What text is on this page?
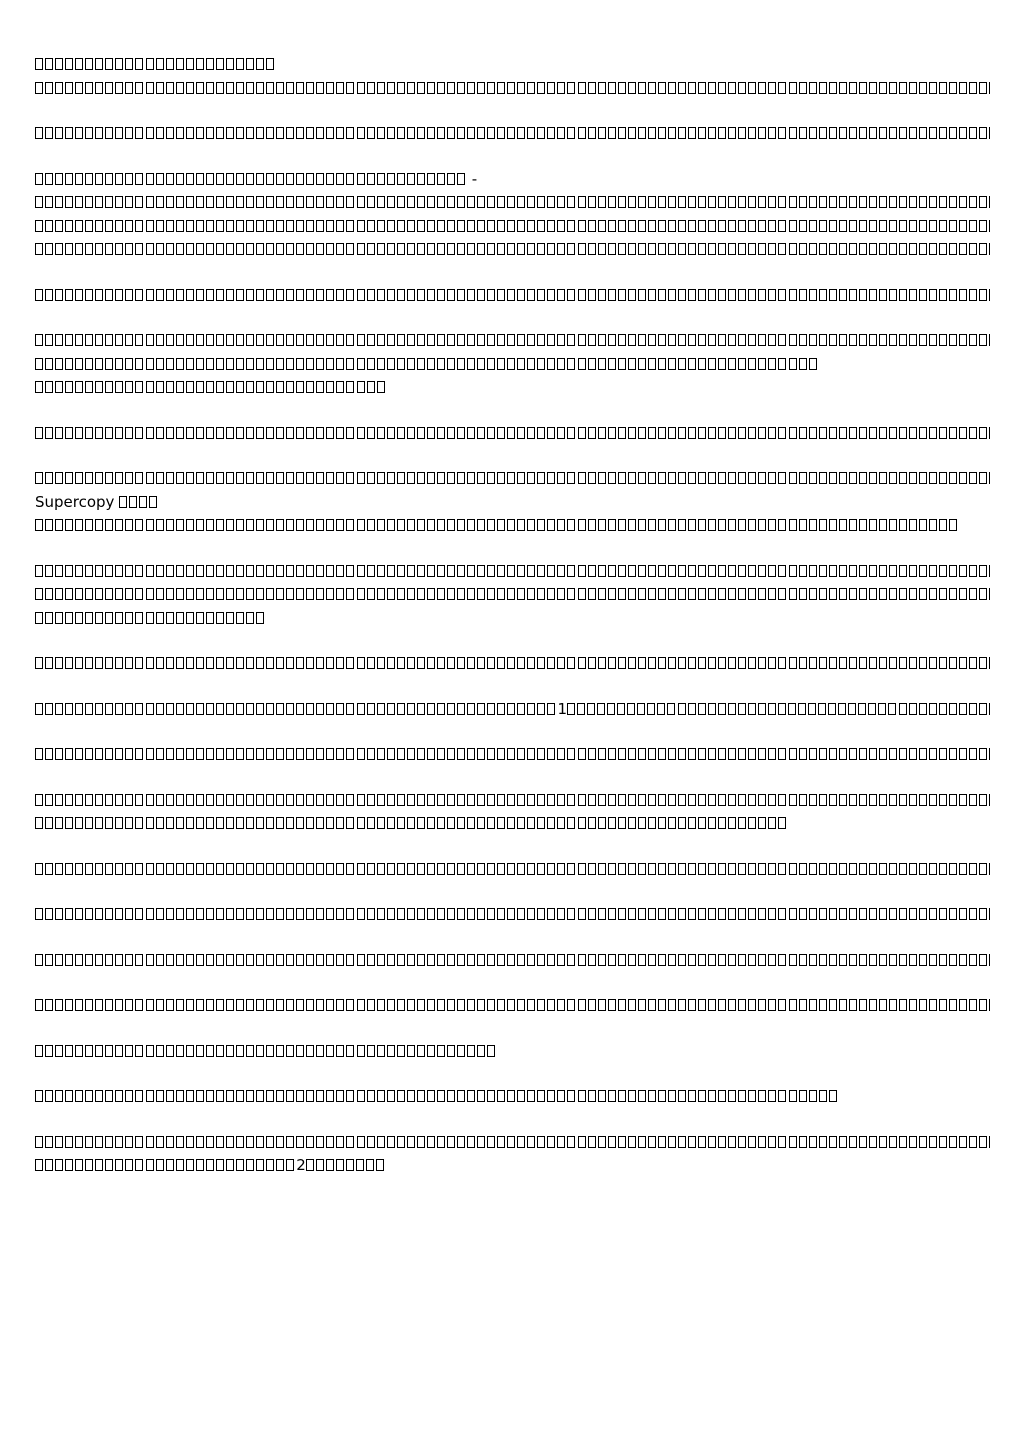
-
Supercopy
1
2
